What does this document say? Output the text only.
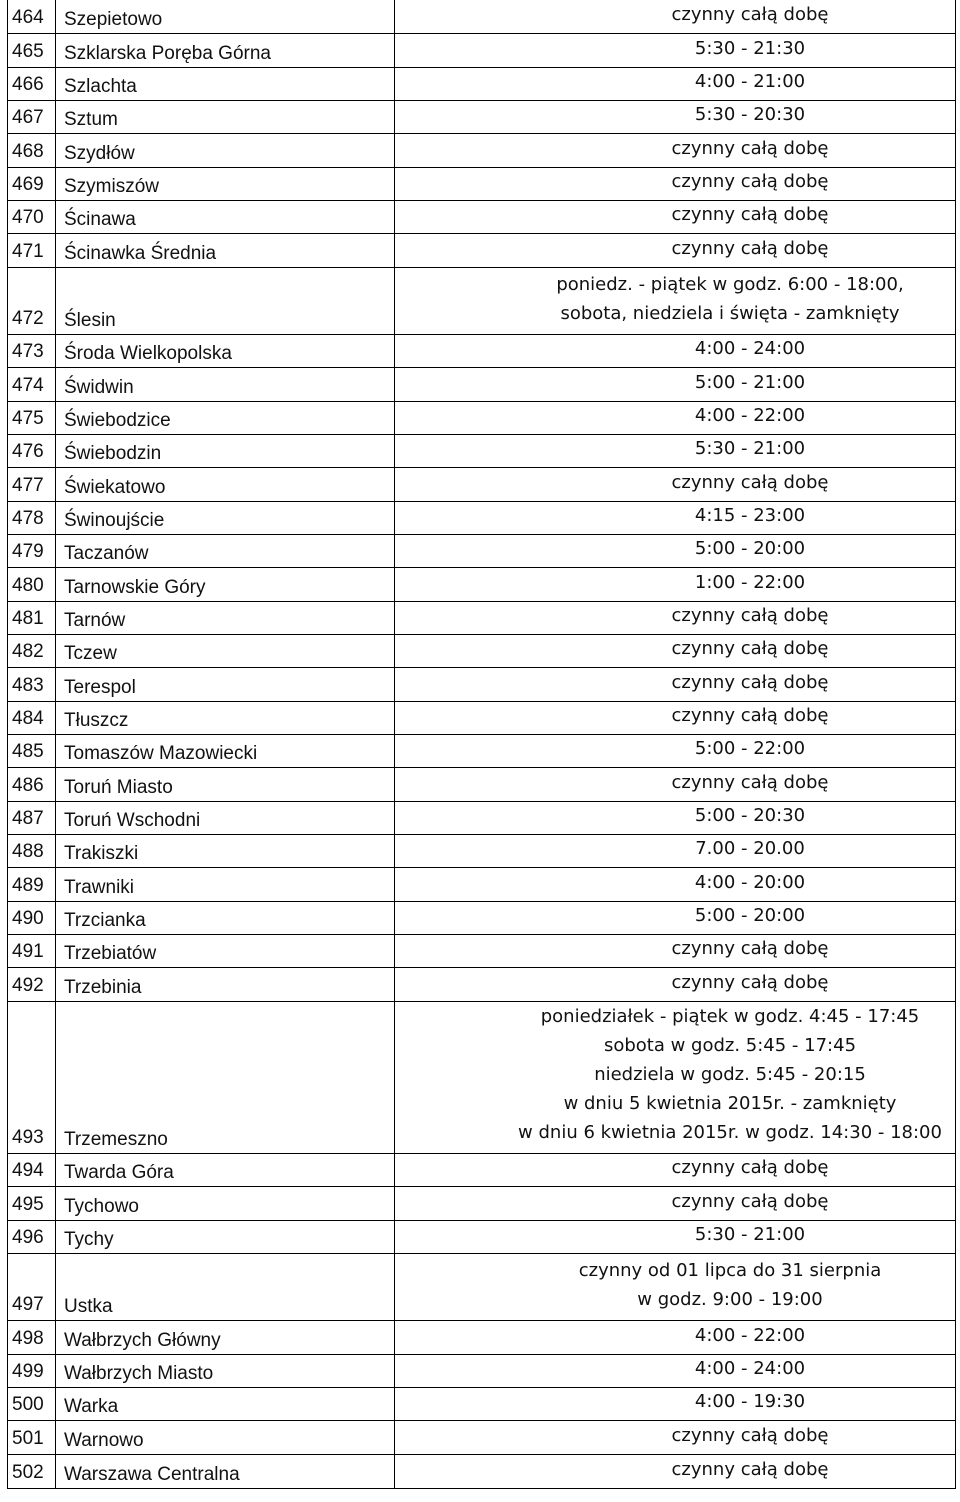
464	Szepietowo	czynny całą dobę

465	Szklarska Poręba Górna	5:30 - 21:30

466	Szlachta	4:00 - 21:00

467	Sztum	5:30 - 20:30

468	Szydłów	czynny całą dobę

469	Szymiszów	czynny całą dobę

470	Ścinawa	czynny całą dobę

471	Ścinawka Średnia	czynny całą dobę

472	Ślesin	poniedz. - piątek w godz. 6:00 - 18:00,
sobota, niedziela i święta - zamknięty

473	Środa Wielkopolska	4:00 - 24:00

474	Świdwin	5:00 - 21:00

475	Świebodzice	4:00 - 22:00

476	Świebodzin	5:30 - 21:00

477	Świekatowo	czynny całą dobę

478	Świnoujście	4:15 - 23:00

479	Taczanów	5:00 - 20:00

480	Tarnowskie Góry	1:00 - 22:00

481	Tarnów	czynny całą dobę

482	Tczew	czynny całą dobę

483	Terespol	czynny całą dobę

484	Tłuszcz	czynny całą dobę

485	Tomaszów Mazowiecki	5:00 - 22:00

486	Toruń Miasto	czynny całą dobę

487	Toruń Wschodni	5:00 - 20:30

488	Trakiszki	7.00 - 20.00

489	Trawniki	4:00 - 20:00

490	Trzcianka	5:00 - 20:00

491	Trzebiatów	czynny całą dobę

492	Trzebinia	czynny całą dobę

493	Trzemeszno	poniedziałek - piątek w godz. 4:45 - 17:45
sobota w godz. 5:45 - 17:45
niedziela w godz. 5:45 - 20:15
w dniu 5 kwietnia 2015r. - zamknięty
w dniu 6 kwietnia 2015r. w godz. 14:30 - 18:00

494	Twarda Góra	czynny całą dobę

495	Tychowo	czynny całą dobę

496	Tychy	5:30 - 21:00

497	Ustka	czynny od 01 lipca do 31 sierpnia
w godz. 9:00 - 19:00

498	Wałbrzych Główny	4:00 - 22:00

499	Wałbrzych Miasto	4:00 - 24:00

500	Warka	4:00 - 19:30

501	Warnowo	czynny całą dobę

502	Warszawa Centralna	czynny całą dobę
